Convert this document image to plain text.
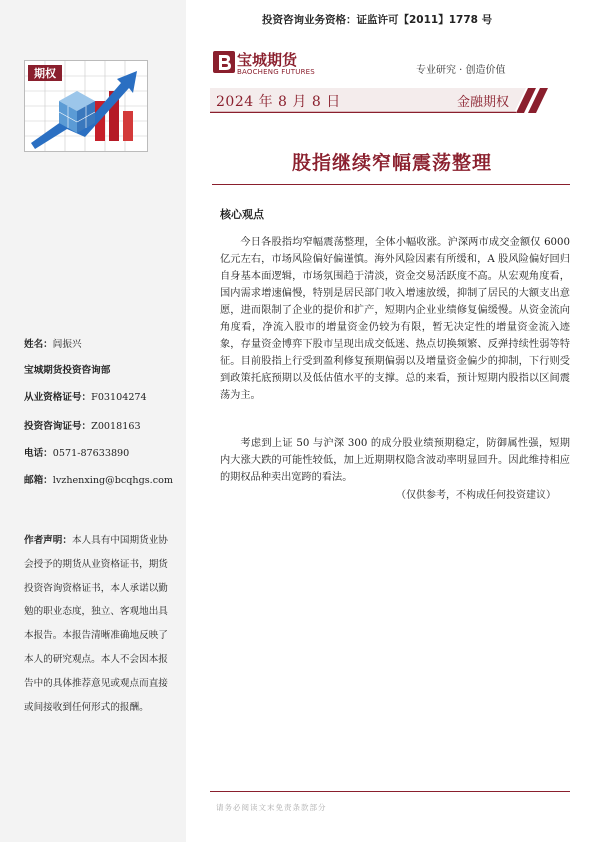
投资咨询业务资格：证监许可【2011】1778 号
期权
宝城期货
BAOCHENG FUTURES	专业研究 · 创造价值
2024 年 8 月 8 日	金融期权
股指继续窄幅震荡整理
核心观点

今日各股指均窄幅震荡整理，全体小幅收涨。沪深两市成交金额仅 6000 亿元左右，市场风险偏好偏谨慎。海外风险因素有所缓和，A 股风险偏好回归自身基本面逻辑，市场氛围趋于清淡，资金交易活跃度不高。从宏观角度看，国内需求增速偏慢，特别是居民部门收入增速放缓，抑制了居民的大额支出意愿，进而限制了企业的提价和扩产，短期内企业业绩修复偏缓慢。从资金流向角度看，净流入股市的增量资金仍较为有限，暂无决定性的增量资金流入迹象，存量资金博弈下股市呈现出成交低迷、热点切换频繁、反弹持续性弱等特征。目前股指上行受到盈利修复预期偏弱以及增量资金偏少的抑制，下行则受到政策托底预期以及低估值水平的支撑。总的来看，预计短期内股指以区间震荡为主。

考虑到上证 50 与沪深 300 的成分股业绩预期稳定，防御属性强，短期内大涨大跌的可能性较低，加上近期期权隐含波动率明显回升。因此维持相应的期权品种卖出宽跨的看法。

（仅供参考，不构成任何投资建议）
姓名：闾振兴
宝城期货投资咨询部
从业资格证号：F03104274
投资咨询证号：Z0018163
电话：0571-87633890
邮箱：lvzhenxing@bcqhgs.com

作者声明：本人具有中国期货业协会授予的期货从业资格证书，期货投资咨询资格证书，本人承诺以勤勉的职业态度，独立、客观地出具本报告。本报告清晰准确地反映了本人的研究观点。本人不会因本报告中的具体推荐意见或观点而直接或间接收到任何形式的报酬。

请务必阅读文末免责条款部分
